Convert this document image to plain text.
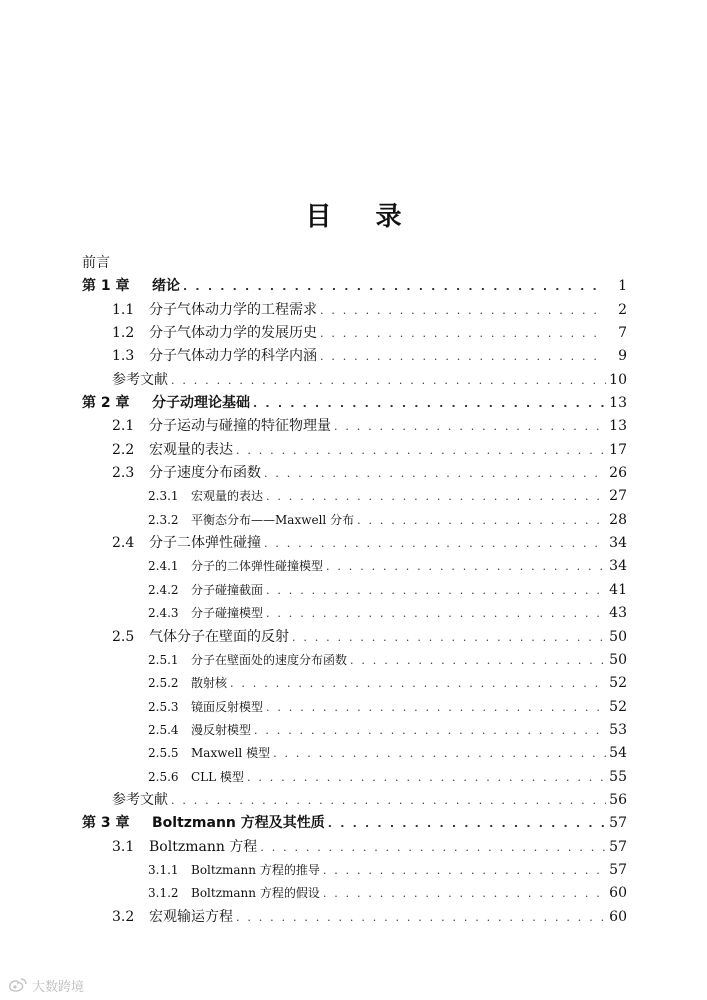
目 录
前言
第 1 章	绪论 . . .	1
1.1	分子气体动力学的工程需求 . . .	2
1.2	分子气体动力学的发展历史 . . .	7
1.3	分子气体动力学的科学内涵 . . .	9
参考文献 . . .	10
第 2 章	分子动理论基础 . . .	13
2.1	分子运动与碰撞的特征物理量 . . .	13
2.2	宏观量的表达 . . .	17
2.3	分子速度分布函数 . . .	26
2.3.1	宏观量的表达 . . .	27
2.3.2	平衡态分布——Maxwell 分布 . . .	28
2.4	分子二体弹性碰撞 . . .	34
2.4.1	分子的二体弹性碰撞模型 . . .	34
2.4.2	分子碰撞截面 . . .	41
2.4.3	分子碰撞模型 . . .	43
2.5	气体分子在壁面的反射 . . .	50
2.5.1	分子在壁面处的速度分布函数 . . .	50
2.5.2	散射核 . . .	52
2.5.3	镜面反射模型 . . .	52
2.5.4	漫反射模型 . . .	53
2.5.5	Maxwell 模型 . . .	54
2.5.6	CLL 模型 . . .	55
参考文献 . . .	56
第 3 章	Boltzmann 方程及其性质 . . .	57
3.1	Boltzmann 方程 . . .	57
3.1.1	Boltzmann 方程的推导 . . .	57
3.1.2	Boltzmann 方程的假设 . . .	60
3.2	宏观输运方程 . . .	60
大数跨境
